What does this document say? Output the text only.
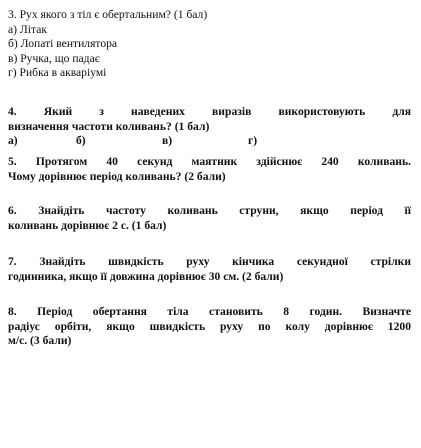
3. Рух якого з тіл є обертальним? (1 бал)
а) Літак
б) Лопаті вентилятора
в) Ручка, що падає
г) Рибка в акваріумі
4. Який з наведених виразів використовують для
визначення частоти коливань? (1 бал)
а)	б)	в)	г)
5. Протягом 40 секунд маятник здійснює 240 коливань.
Чому дорівнює період коливань? (2 бали)
6. Знайдіть частоту коливань струни, якщо період її
коливань дорівнює 2 с. (1 бал)
7. Знайдіть швидкість руху кінчика секундної стрілки
годинника, якщо її довжина дорівнює 30 см. (2 бали)
8. Період обертання тіла становить 8 годин. Визначте
радіус орбіти, якщо швидкість руху по колу дорівнює 1200
м/с. (3 бали)
